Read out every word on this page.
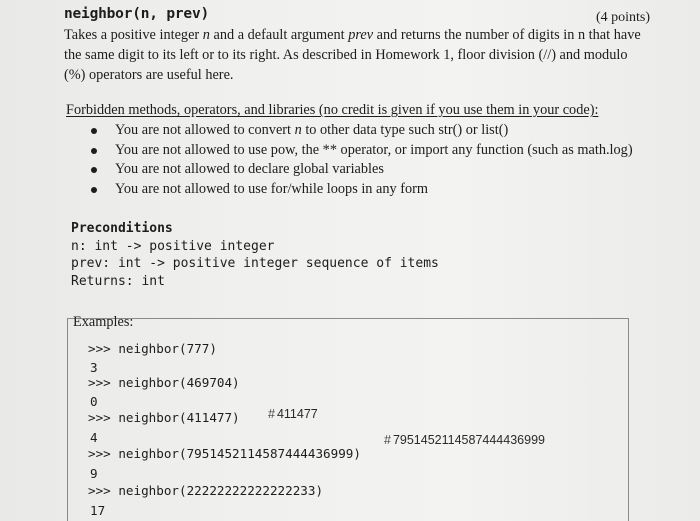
neighbor(n, prev)	(4 points)
Takes a positive integer n and a default argument prev and returns the number of digits in n that have the same digit to its left or to its right. As described in Homework 1, floor division (//) and modulo (%) operators are useful here.
Forbidden methods, operators, and libraries (no credit is given if you use them in your code):
You are not allowed to convert n to other data type such str() or list()
You are not allowed to use pow, the ** operator, or import any function (such as math.log)
You are not allowed to declare global variables
You are not allowed to use for/while loops in any form
Preconditions
n: int -> positive integer
prev: int -> positive integer sequence of items
Returns: int
Examples:
>>> neighbor(777)
3
>>> neighbor(469704)
0
>>> neighbor(411477) # 411477
4
>>> neighbor(7951452114587444436999)
# 7951452114587444436999
9
>>> neighbor(22222222222222233)
17
